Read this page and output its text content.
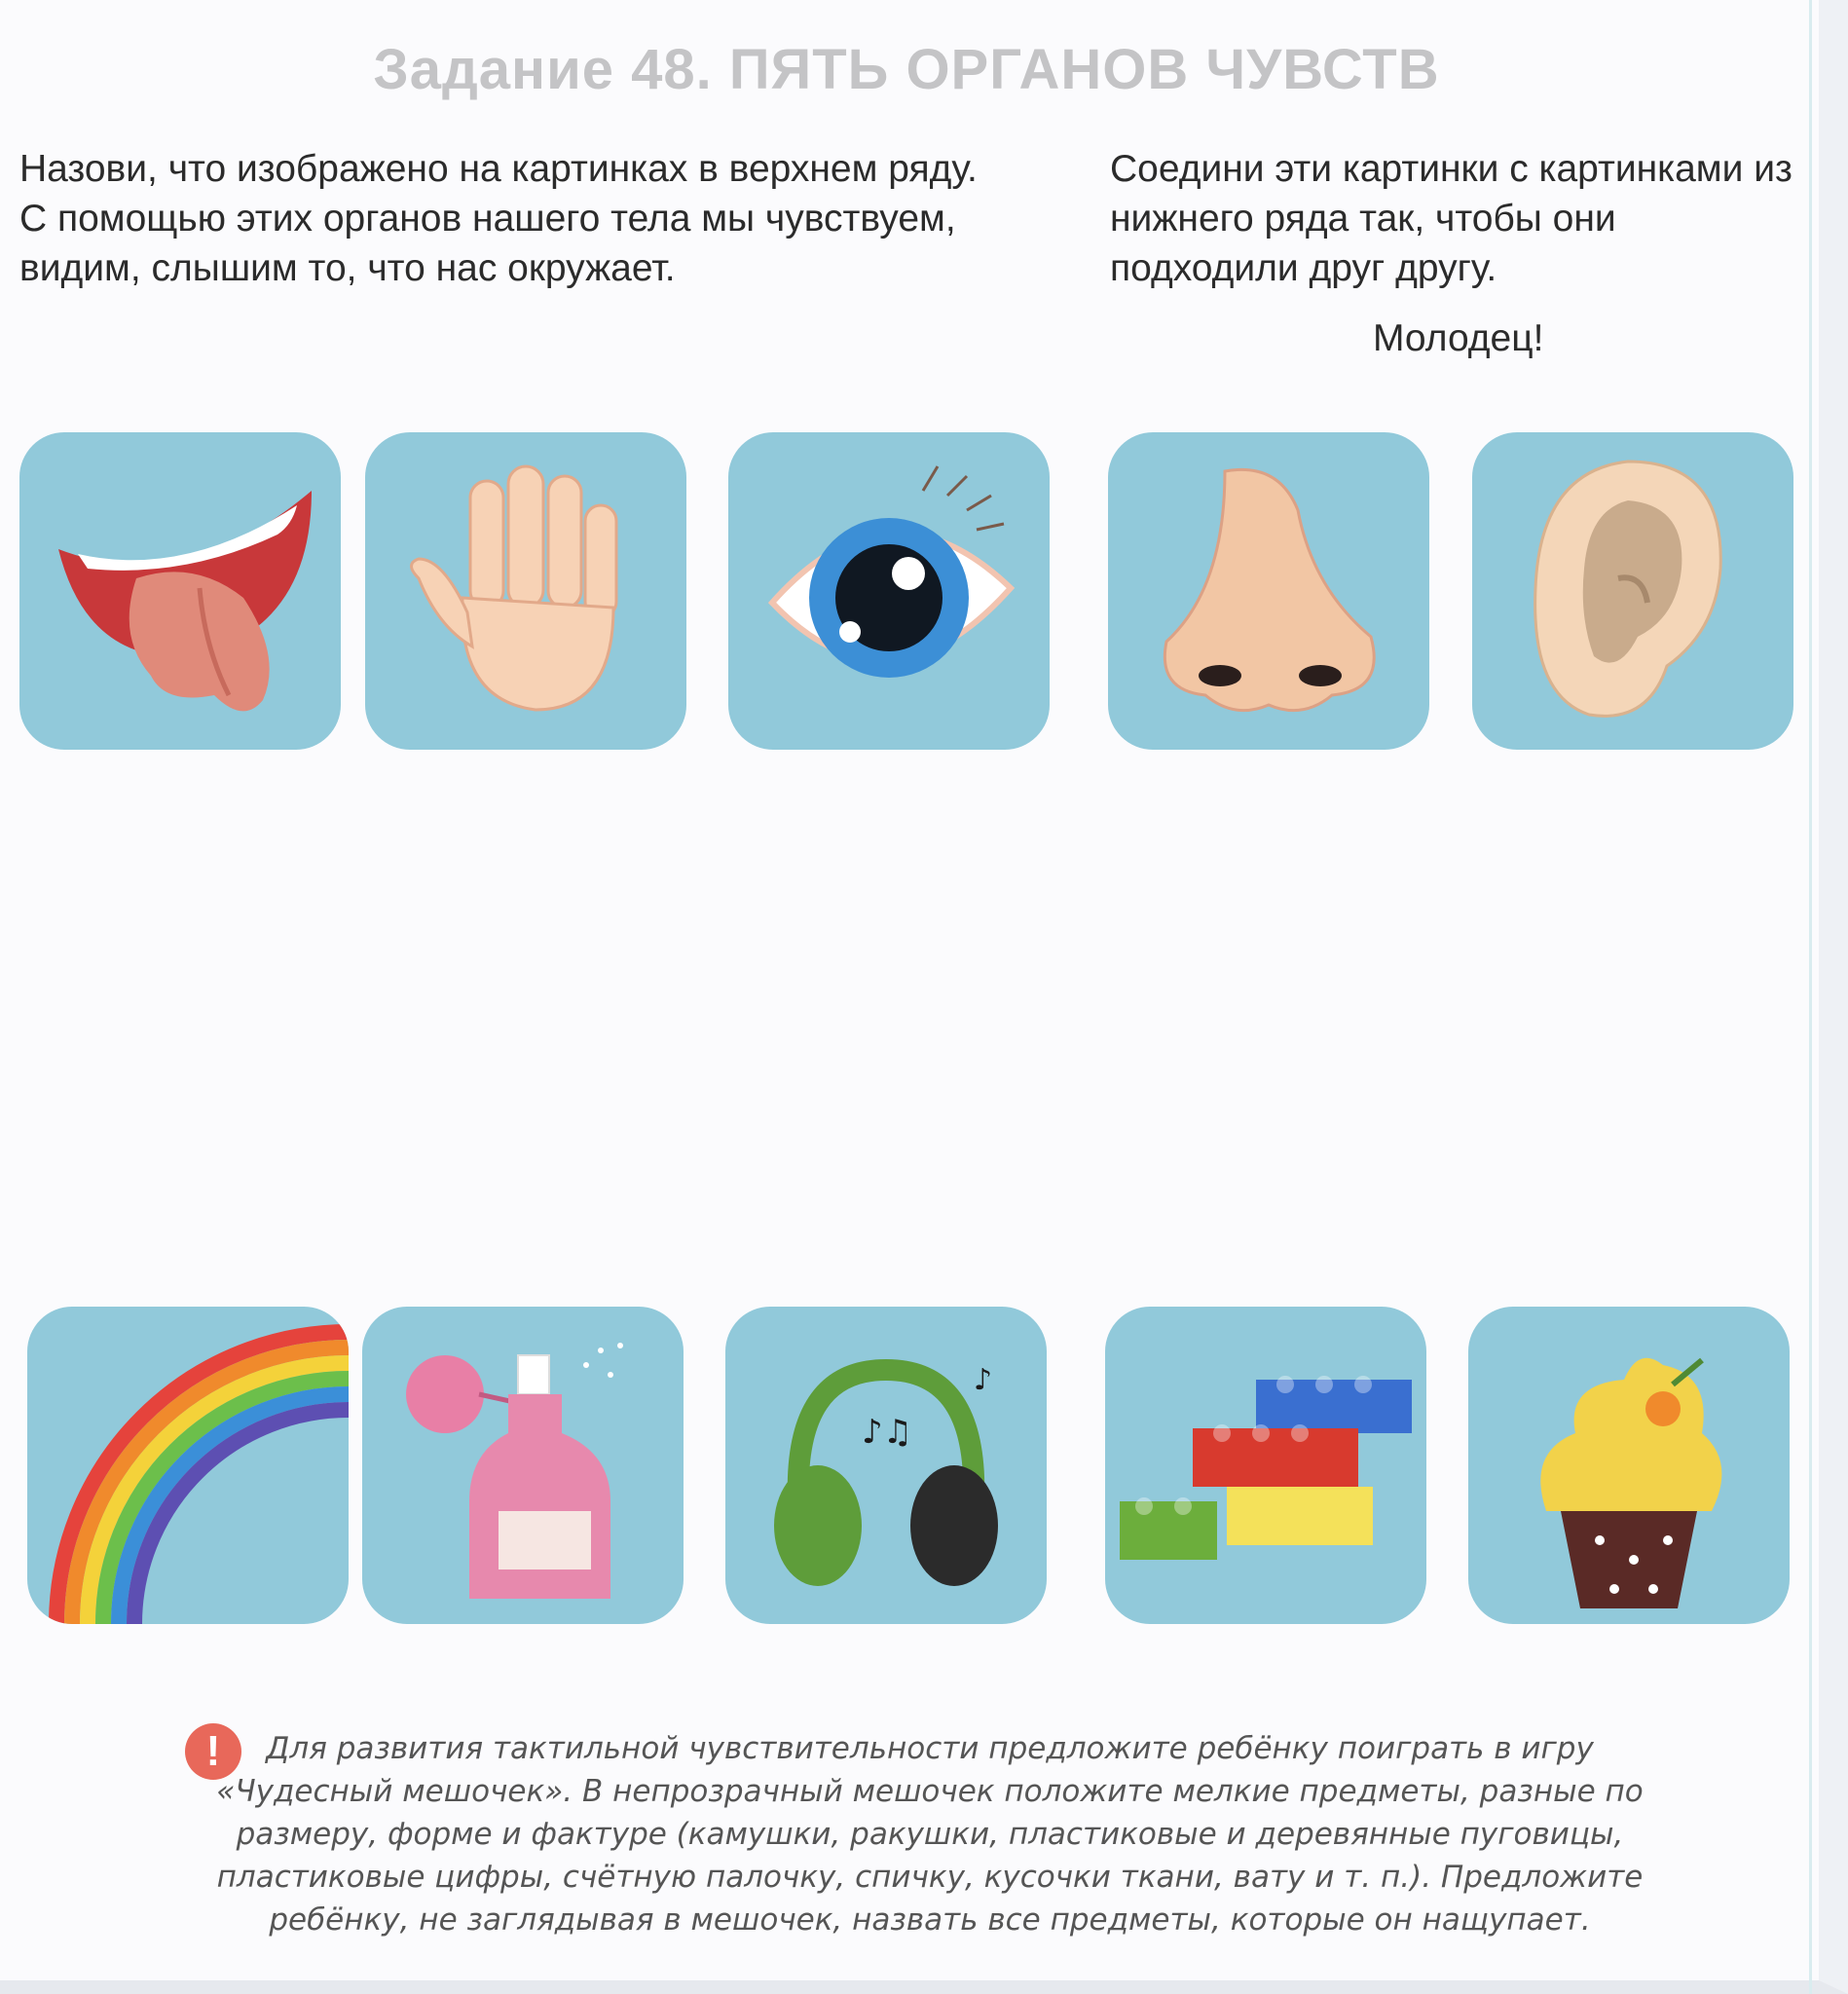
Задание 48. ПЯТЬ ОРГАНОВ ЧУВСТВ
Назови, что изображено на картинках в верхнем ряду. С помощью этих органов нашего тела мы чувствуем, видим, слышим то, что нас окружает.
Соедини эти картинки с картинками из нижнего ряда так, чтобы они подходили друг другу.
Молодец!
♪♫
♪
!	Для развития тактильной чувствительности предложите ребёнку поиграть в игру «Чудесный мешочек». В непрозрачный мешочек положите мелкие предметы, разные по размеру, форме и фактуре (камушки, ракушки, пластиковые и деревянные пуговицы, пластиковые цифры, счётную палочку, спичку, кусочки ткани, вату и т. п.). Предложите ребёнку, не заглядывая в мешочек, назвать все предметы, которые он нащупает.
